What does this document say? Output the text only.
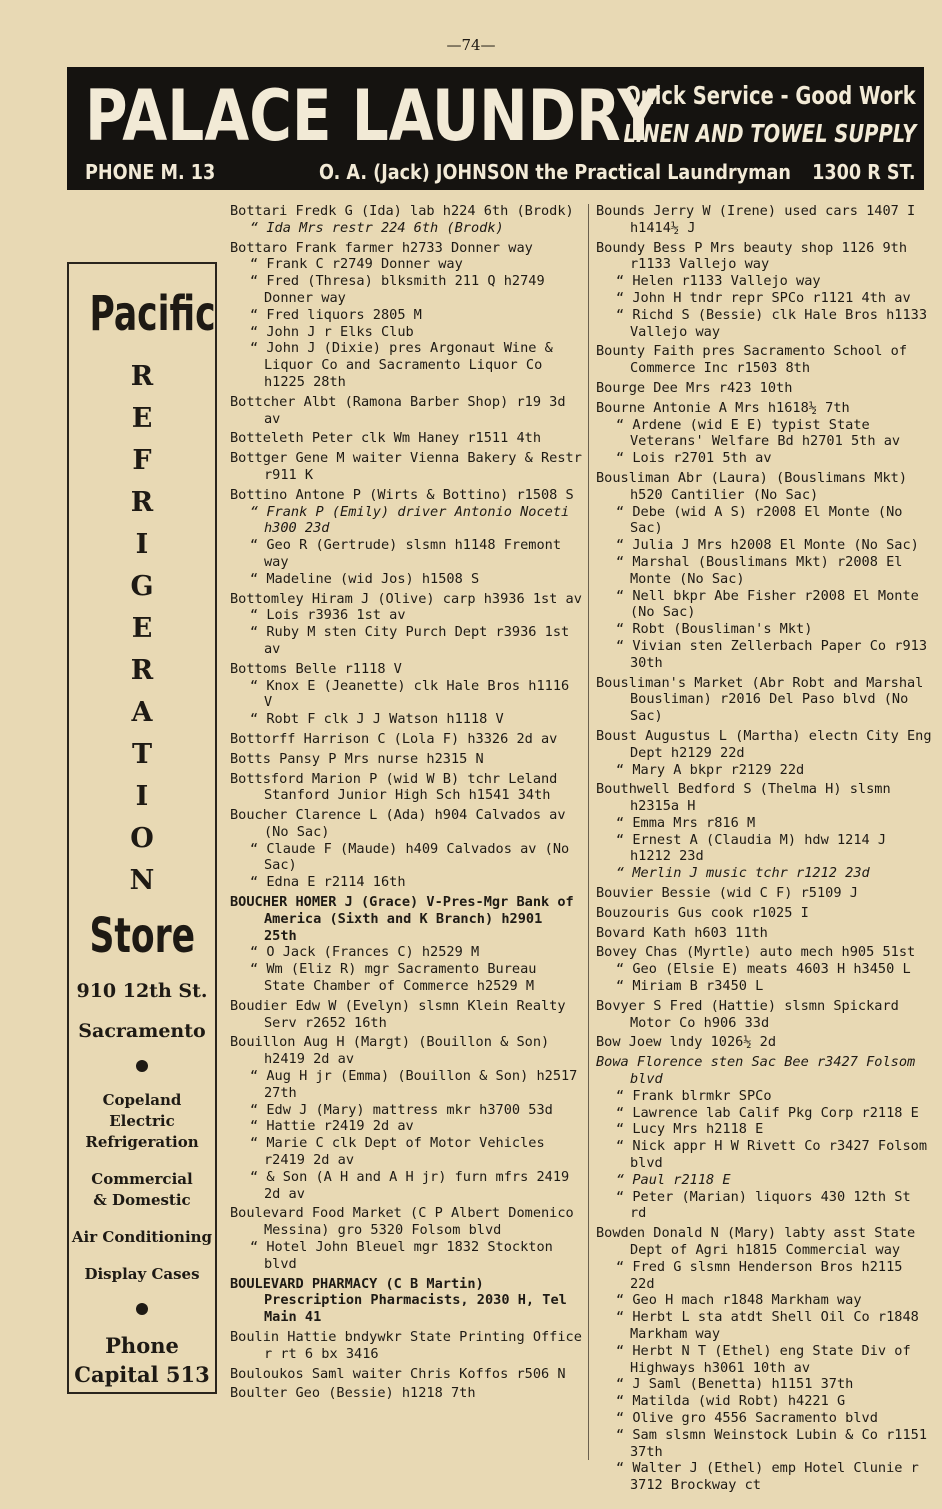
—74—
PALACE LAUNDRY
Quick Service - Good Work
LINEN AND TOWEL SUPPLY
PHONE M. 13	O. A. (Jack) JOHNSON the Practical Laundryman 1300 R ST.
Pacific
R
E
F
R
I
G
E
R
A
T
I
O
N
Store
910 12th St.
Sacramento
Copeland
Electric
Refrigeration
Commercial
& Domestic
Air Conditioning
Display Cases
Phone
Capital 513
Bottari Fredk G (Ida) lab h224 6th (Brodk)
“ Ida Mrs restr 224 6th (Brodk)
Bottaro Frank farmer h2733 Donner way
“ Frank C r2749 Donner way
“ Fred (Thresa) blksmith 211 Q h2749 Donner way
“ Fred liquors 2805 M
“ John J r Elks Club
“ John J (Dixie) pres Argonaut Wine & Liquor Co and Sacramento Liquor Co h1225 28th
Bottcher Albt (Ramona Barber Shop) r19 3d av
Botteleth Peter clk Wm Haney r1511 4th
Bottger Gene M waiter Vienna Bakery & Restr r911 K
Bottino Antone P (Wirts & Bottino) r1508 S
“ Frank P (Emily) driver Antonio Noceti h300 23d
“ Geo R (Gertrude) slsmn h1148 Fremont way
“ Madeline (wid Jos) h1508 S
Bottomley Hiram J (Olive) carp h3936 1st av
“ Lois r3936 1st av
“ Ruby M sten City Purch Dept r3936 1st av
Bottoms Belle r1118 V
“ Knox E (Jeanette) clk Hale Bros h1116 V
“ Robt F clk J J Watson h1118 V
Bottorff Harrison C (Lola F) h3326 2d av
Botts Pansy P Mrs nurse h2315 N
Bottsford Marion P (wid W B) tchr Leland Stanford Junior High Sch h1541 34th
Boucher Clarence L (Ada) h904 Calvados av (No Sac)
“ Claude F (Maude) h409 Calvados av (No Sac)
“ Edna E r2114 16th
BOUCHER HOMER J (Grace) V-Pres-Mgr Bank of America (Sixth and K Branch) h2901 25th
“ O Jack (Frances C) h2529 M
“ Wm (Eliz R) mgr Sacramento Bureau State Chamber of Commerce h2529 M
Boudier Edw W (Evelyn) slsmn Klein Realty Serv r2652 16th
Bouillon Aug H (Margt) (Bouillon & Son) h2419 2d av
“ Aug H jr (Emma) (Bouillon & Son) h2517 27th
“ Edw J (Mary) mattress mkr h3700 53d
“ Hattie r2419 2d av
“ Marie C clk Dept of Motor Vehicles r2419 2d av
“ & Son (A H and A H jr) furn mfrs 2419 2d av
Boulevard Food Market (C P Albert Domenico Messina) gro 5320 Folsom blvd
“ Hotel John Bleuel mgr 1832 Stockton blvd
BOULEVARD PHARMACY (C B Martin) Prescription Pharmacists, 2030 H, Tel Main 41
Boulin Hattie bndywkr State Printing Office r rt 6 bx 3416
Bouloukos Saml waiter Chris Koffos r506 N
Boulter Geo (Bessie) h1218 7th
Bounds Jerry W (Irene) used cars 1407 I h1414½ J
Boundy Bess P Mrs beauty shop 1126 9th r1133 Vallejo way
“ Helen r1133 Vallejo way
“ John H tndr repr SPCo r1121 4th av
“ Richd S (Bessie) clk Hale Bros h1133 Vallejo way
Bounty Faith pres Sacramento School of Commerce Inc r1503 8th
Bourge Dee Mrs r423 10th
Bourne Antonie A Mrs h1618½ 7th
“ Ardene (wid E E) typist State Veterans' Welfare Bd h2701 5th av
“ Lois r2701 5th av
Bousliman Abr (Laura) (Bouslimans Mkt) h520 Cantilier (No Sac)
“ Debe (wid A S) r2008 El Monte (No Sac)
“ Julia J Mrs h2008 El Monte (No Sac)
“ Marshal (Bouslimans Mkt) r2008 El Monte (No Sac)
“ Nell bkpr Abe Fisher r2008 El Monte (No Sac)
“ Robt (Bousliman's Mkt)
“ Vivian sten Zellerbach Paper Co r913 30th
Bousliman's Market (Abr Robt and Marshal Bousliman) r2016 Del Paso blvd (No Sac)
Boust Augustus L (Martha) electn City Eng Dept h2129 22d
“ Mary A bkpr r2129 22d
Bouthwell Bedford S (Thelma H) slsmn h2315a H
“ Emma Mrs r816 M
“ Ernest A (Claudia M) hdw 1214 J h1212 23d
“ Merlin J music tchr r1212 23d
Bouvier Bessie (wid C F) r5109 J
Bouzouris Gus cook r1025 I
Bovard Kath h603 11th
Bovey Chas (Myrtle) auto mech h905 51st
“ Geo (Elsie E) meats 4603 H h3450 L
“ Miriam B r3450 L
Bovyer S Fred (Hattie) slsmn Spickard Motor Co h906 33d
Bow Joew lndy 1026½ 2d
Bowa Florence sten Sac Bee r3427 Folsom blvd
“ Frank blrmkr SPCo
“ Lawrence lab Calif Pkg Corp r2118 E
“ Lucy Mrs h2118 E
“ Nick appr H W Rivett Co r3427 Folsom blvd
“ Paul r2118 E
“ Peter (Marian) liquors 430 12th St rd
Bowden Donald N (Mary) labty asst State Dept of Agri h1815 Commercial way
“ Fred G slsmn Henderson Bros h2115 22d
“ Geo H mach r1848 Markham way
“ Herbt L sta atdt Shell Oil Co r1848 Markham way
“ Herbt N T (Ethel) eng State Div of Highways h3061 10th av
“ J Saml (Benetta) h1151 37th
“ Matilda (wid Robt) h4221 G
“ Olive gro 4556 Sacramento blvd
“ Sam slsmn Weinstock Lubin & Co r1151 37th
“ Walter J (Ethel) emp Hotel Clunie r 3712 Brockway ct
